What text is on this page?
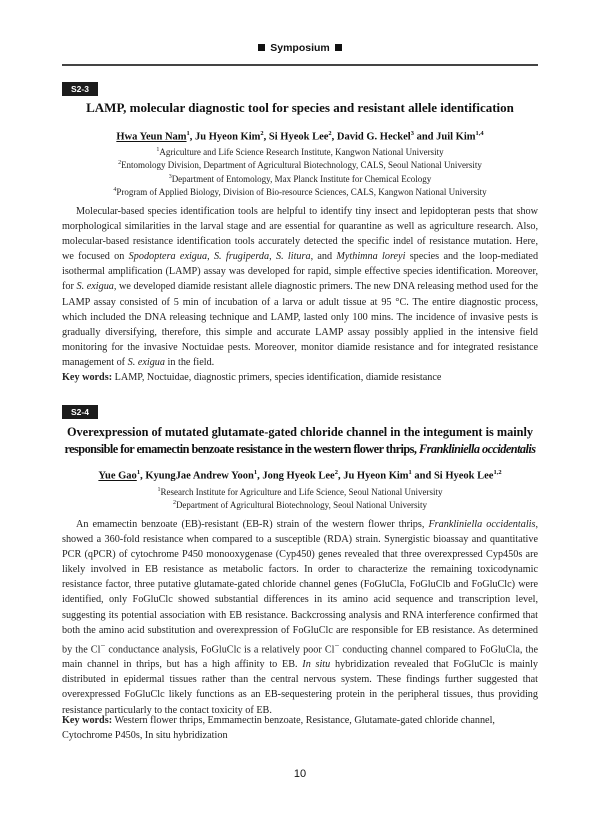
Symposium
S2-3
LAMP, molecular diagnostic tool for species and resistant allele identification
Hwa Yeun Nam$^1$, Ju Hyeon Kim$^2$, Si Hyeok Lee$^2$, David G. Heckel$^3$ and Juil Kim$^{1,4}$
$^1$Agriculture and Life Science Research Institute, Kangwon National University
$^2$Entomology Division, Department of Agricultural Biotechnology, CALS, Seoul National University
$^3$Department of Entomology, Max Planck Institute for Chemical Ecology
$^4$Program of Applied Biology, Division of Bio-resource Sciences, CALS, Kangwon National University
Molecular-based species identification tools are helpful to identify tiny insect and lepidopteran pests that show morphological similarities in the larval stage and are essential for quarantine as well as agriculture research. Also, molecular-based resistance identification tools accurately detected the specific indel of resistance mutation. Here, we focused on Spodoptera exigua, S. frugiperda, S. litura, and Mythimna loreyi species and the loop-mediated isothermal amplification (LAMP) assay was developed for rapid, simple effective species identification. Moreover, for S. exigua, we developed diamide resistant allele diagnostic primers. The new DNA releasing method used for the LAMP assay consisted of 5 min of incubation of a larva or adult tissue at 95 °C. The entire diagnostic process, which included the DNA releasing technique and LAMP, lasted only 100 mins. The incidence of invasive pests is gradually diversifying, therefore, this simple and accurate LAMP assay possibly applied in the intensive field monitoring for the invasive Noctuidae pests. Moreover, monitor diamide resistance and for integrated resistance management of S. exigua in the field.
Key words: LAMP, Noctuidae, diagnostic primers, species identification, diamide resistance
S2-4
Overexpression of mutated glutamate-gated chloride channel in the integument is mainly
responsible for emamectin benzoate resistance in the western flower thrips, Frankliniella occidentalis
Yue Gao$^1$, KyungJae Andrew Yoon$^1$, Jong Hyeok Lee$^2$, Ju Hyeon Kim$^1$ and Si Hyeok Lee$^{1,2}$
$^1$Research Institute for Agriculture and Life Science, Seoul National University
$^2$Department of Agricultural Biotechnology, Seoul National University
An emamectin benzoate (EB)-resistant (EB-R) strain of the western flower thrips, Frankliniella occidentalis, showed a 360-fold resistance when compared to a susceptible (RDA) strain. Synergistic bioassay and quantitative PCR (qPCR) of cytochrome P450 monooxygenase (Cyp450) genes revealed that three overexpressed Cyp450s are likely involved in EB resistance as metabolic factors. In order to characterize the remaining toxicodynamic resistance factor, three putative glutamate-gated chloride channel genes (FoGluCla, FoGluClb and FoGluClc) were identified, only FoGluClc showed substantial differences in its amino acid sequence and transcription level, suggesting its potential association with EB resistance. Backcrossing analysis and RNA interference confirmed that both the amino acid substitution and overexpression of FoGluClc are responsible for EB resistance. As determined by the Cl− conductance analysis, FoGluClc is a relatively poor Cl− conducting channel compared to FoGluCla, the main channel in thrips, but has a high affinity to EB. In situ hybridization revealed that FoGluClc is mainly distributed in epidermal tissues rather than the central nervous system. These findings further suggested that overexpressed FoGluClc likely functions as an EB-sequestering protein in the peripheral tissues, thus providing resistance particularly to the contact toxicity of EB.
Key words: Western flower thrips, Emmamectin benzoate, Resistance, Glutamate-gated chloride channel, Cytochrome P450s, In situ hybridization
10
